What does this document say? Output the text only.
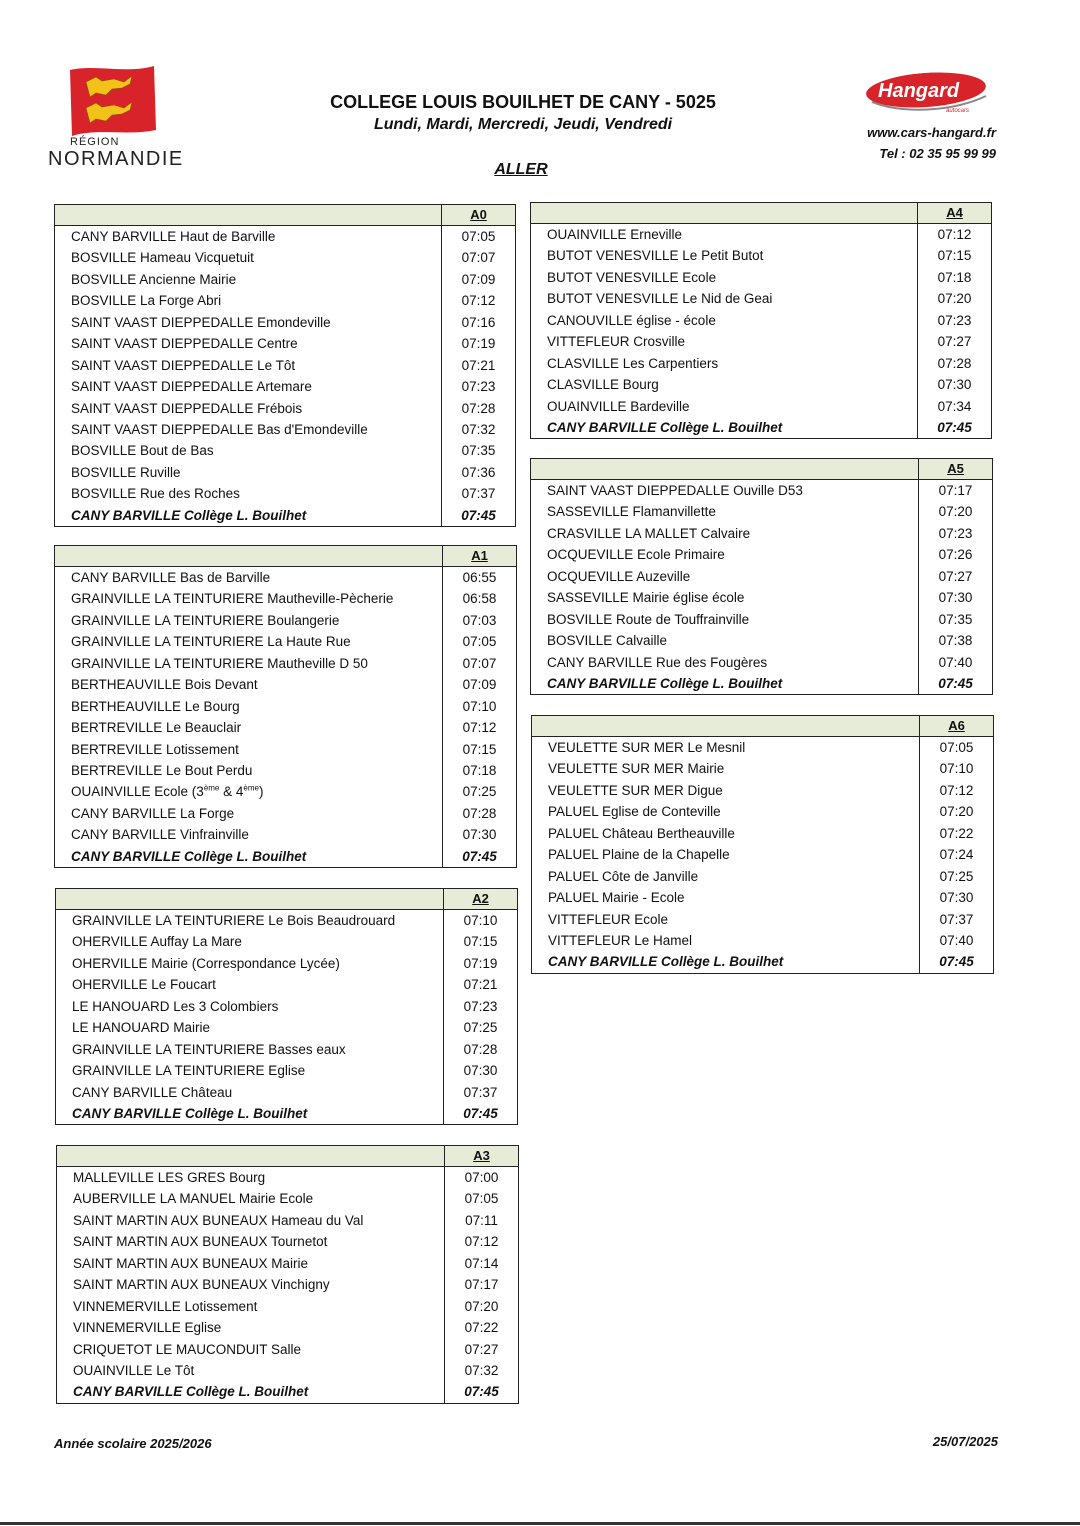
RÉGION
NORMANDIE
COLLEGE LOUIS BOUILHET DE CANY - 5025
Lundi, Mardi, Mercredi, Jeudi, Vendredi
ALLER
Hangard
autocars
www.cars-hangard.fr
Tel : 02 35 95 99 99
A0
CANY BARVILLE Haut de Barville	07:05
BOSVILLE Hameau Vicquetuit	07:07
BOSVILLE Ancienne Mairie	07:09
BOSVILLE La Forge Abri	07:12
SAINT VAAST DIEPPEDALLE Emondeville	07:16
SAINT VAAST DIEPPEDALLE Centre	07:19
SAINT VAAST DIEPPEDALLE Le Tôt	07:21
SAINT VAAST DIEPPEDALLE Artemare	07:23
SAINT VAAST DIEPPEDALLE Frébois	07:28
SAINT VAAST DIEPPEDALLE Bas d'Emondeville	07:32
BOSVILLE Bout de Bas	07:35
BOSVILLE Ruville	07:36
BOSVILLE Rue des Roches	07:37
CANY BARVILLE Collège L. Bouilhet	07:45
A1
CANY BARVILLE Bas de Barville	06:55
GRAINVILLE LA TEINTURIERE Mautheville-Pècherie	06:58
GRAINVILLE LA TEINTURIERE Boulangerie	07:03
GRAINVILLE LA TEINTURIERE La Haute Rue	07:05
GRAINVILLE LA TEINTURIERE Mautheville D 50	07:07
BERTHEAUVILLE Bois Devant	07:09
BERTHEAUVILLE Le Bourg	07:10
BERTREVILLE Le Beauclair	07:12
BERTREVILLE Lotissement	07:15
BERTREVILLE Le Bout Perdu	07:18
OUAINVILLE Ecole (3ème & 4ème)	07:25
CANY BARVILLE La Forge	07:28
CANY BARVILLE Vinfrainville	07:30
CANY BARVILLE Collège L. Bouilhet	07:45
A2
GRAINVILLE LA TEINTURIERE Le Bois Beaudrouard	07:10
OHERVILLE Auffay La Mare	07:15
OHERVILLE Mairie (Correspondance Lycée)	07:19
OHERVILLE Le Foucart	07:21
LE HANOUARD Les 3 Colombiers	07:23
LE HANOUARD Mairie	07:25
GRAINVILLE LA TEINTURIERE Basses eaux	07:28
GRAINVILLE LA TEINTURIERE Eglise	07:30
CANY BARVILLE Château	07:37
CANY BARVILLE Collège L. Bouilhet	07:45
A3
MALLEVILLE LES GRES Bourg	07:00
AUBERVILLE LA MANUEL Mairie Ecole	07:05
SAINT MARTIN AUX BUNEAUX Hameau du Val	07:11
SAINT MARTIN AUX BUNEAUX Tournetot	07:12
SAINT MARTIN AUX BUNEAUX Mairie	07:14
SAINT MARTIN AUX BUNEAUX Vinchigny	07:17
VINNEMERVILLE Lotissement	07:20
VINNEMERVILLE Eglise	07:22
CRIQUETOT LE MAUCONDUIT Salle	07:27
OUAINVILLE Le Tôt	07:32
CANY BARVILLE Collège L. Bouilhet	07:45
A4
OUAINVILLE Erneville	07:12
BUTOT VENESVILLE Le Petit Butot	07:15
BUTOT VENESVILLE Ecole	07:18
BUTOT VENESVILLE Le Nid de Geai	07:20
CANOUVILLE église - école	07:23
VITTEFLEUR Crosville	07:27
CLASVILLE Les Carpentiers	07:28
CLASVILLE Bourg	07:30
OUAINVILLE Bardeville	07:34
CANY BARVILLE Collège L. Bouilhet	07:45
A5
SAINT VAAST DIEPPEDALLE Ouville D53	07:17
SASSEVILLE Flamanvillette	07:20
CRASVILLE LA MALLET Calvaire	07:23
OCQUEVILLE Ecole Primaire	07:26
OCQUEVILLE Auzeville	07:27
SASSEVILLE Mairie église école	07:30
BOSVILLE Route de Touffrainville	07:35
BOSVILLE Calvaille	07:38
CANY BARVILLE Rue des Fougères	07:40
CANY BARVILLE Collège L. Bouilhet	07:45
A6
VEULETTE SUR MER Le Mesnil	07:05
VEULETTE SUR MER Mairie	07:10
VEULETTE SUR MER Digue	07:12
PALUEL Eglise de Conteville	07:20
PALUEL Château Bertheauville	07:22
PALUEL Plaine de la Chapelle	07:24
PALUEL Côte de Janville	07:25
PALUEL Mairie - Ecole	07:30
VITTEFLEUR Ecole	07:37
VITTEFLEUR Le Hamel	07:40
CANY BARVILLE Collège L. Bouilhet	07:45
Année scolaire 2025/2026	25/07/2025
